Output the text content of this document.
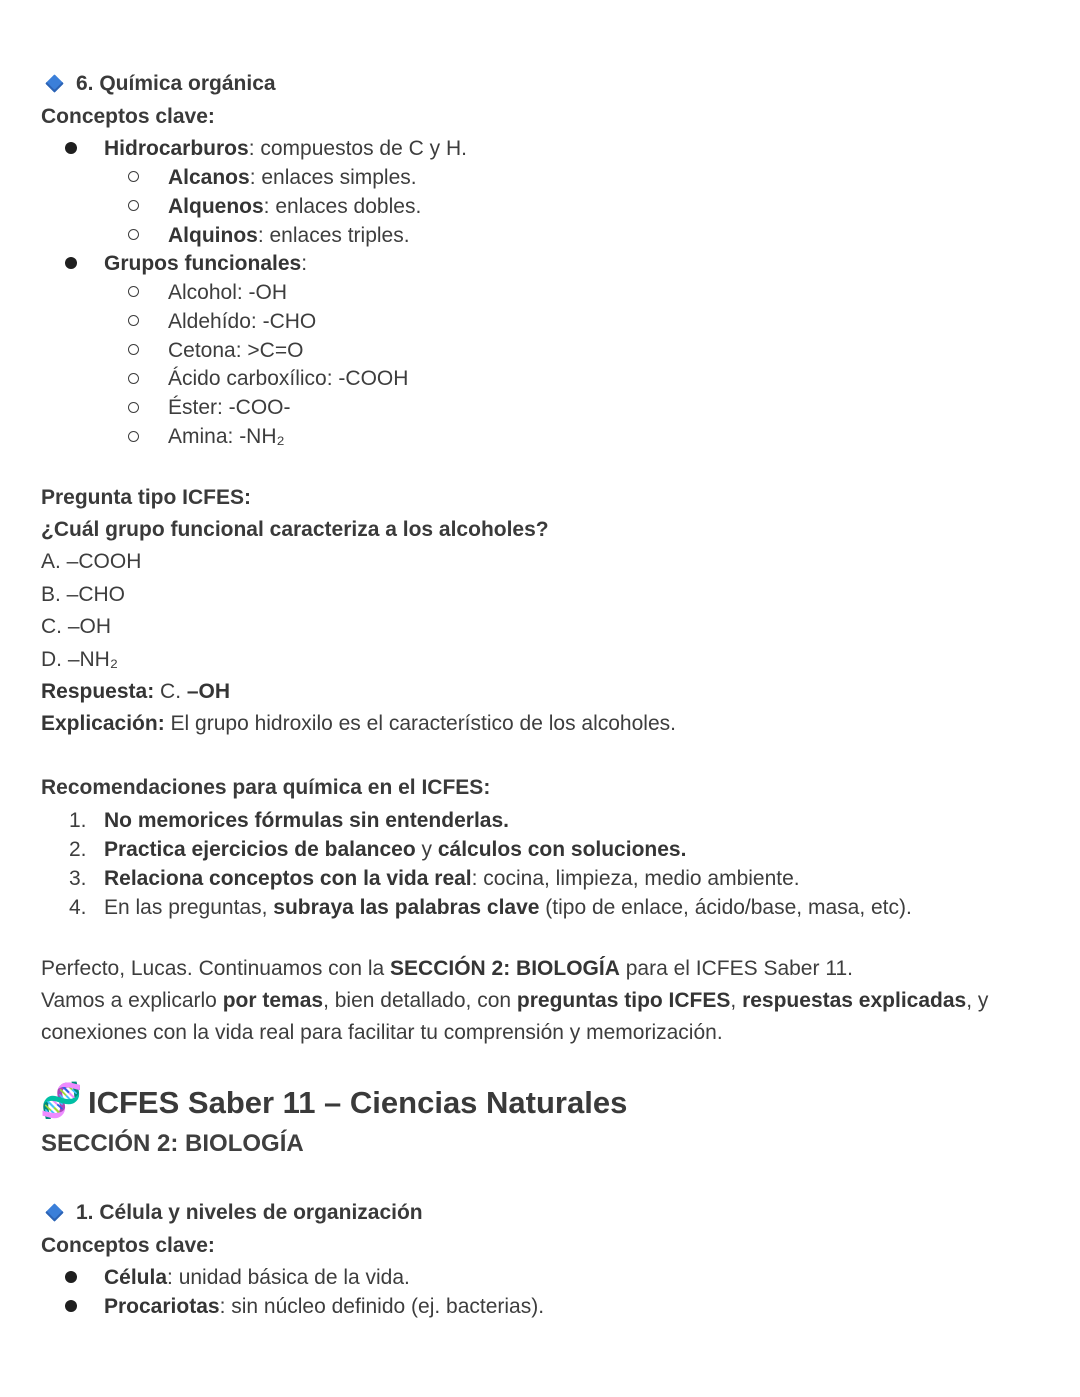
6. Química orgánica
Conceptos clave:
Hidrocarburos: compuestos de C y H.
Alcanos: enlaces simples.
Alquenos: enlaces dobles.
Alquinos: enlaces triples.
Grupos funcionales:
Alcohol: -OH
Aldehído: -CHO
Cetona: >C=O
Ácido carboxílico: -COOH
Éster: -COO-
Amina: -NH₂
Pregunta tipo ICFES:
¿Cuál grupo funcional caracteriza a los alcoholes?
A. –COOH
B. –CHO
C. –OH
D. –NH₂
Respuesta: C. –OH
Explicación: El grupo hidroxilo es el característico de los alcoholes.
Recomendaciones para química en el ICFES:
1. No memorices fórmulas sin entenderlas.
2. Practica ejercicios de balanceo y cálculos con soluciones.
3. Relaciona conceptos con la vida real: cocina, limpieza, medio ambiente.
4. En las preguntas, subraya las palabras clave (tipo de enlace, ácido/base, masa, etc).
Perfecto, Lucas. Continuamos con la SECCIÓN 2: BIOLOGÍA para el ICFES Saber 11.
Vamos a explicarlo por temas, bien detallado, con preguntas tipo ICFES, respuestas explicadas, y
conexiones con la vida real para facilitar tu comprensión y memorización.
🧬 ICFES Saber 11 – Ciencias Naturales
SECCIÓN 2: BIOLOGÍA
1. Célula y niveles de organización
Conceptos clave:
Célula: unidad básica de la vida.
Procariotas: sin núcleo definido (ej. bacterias).
